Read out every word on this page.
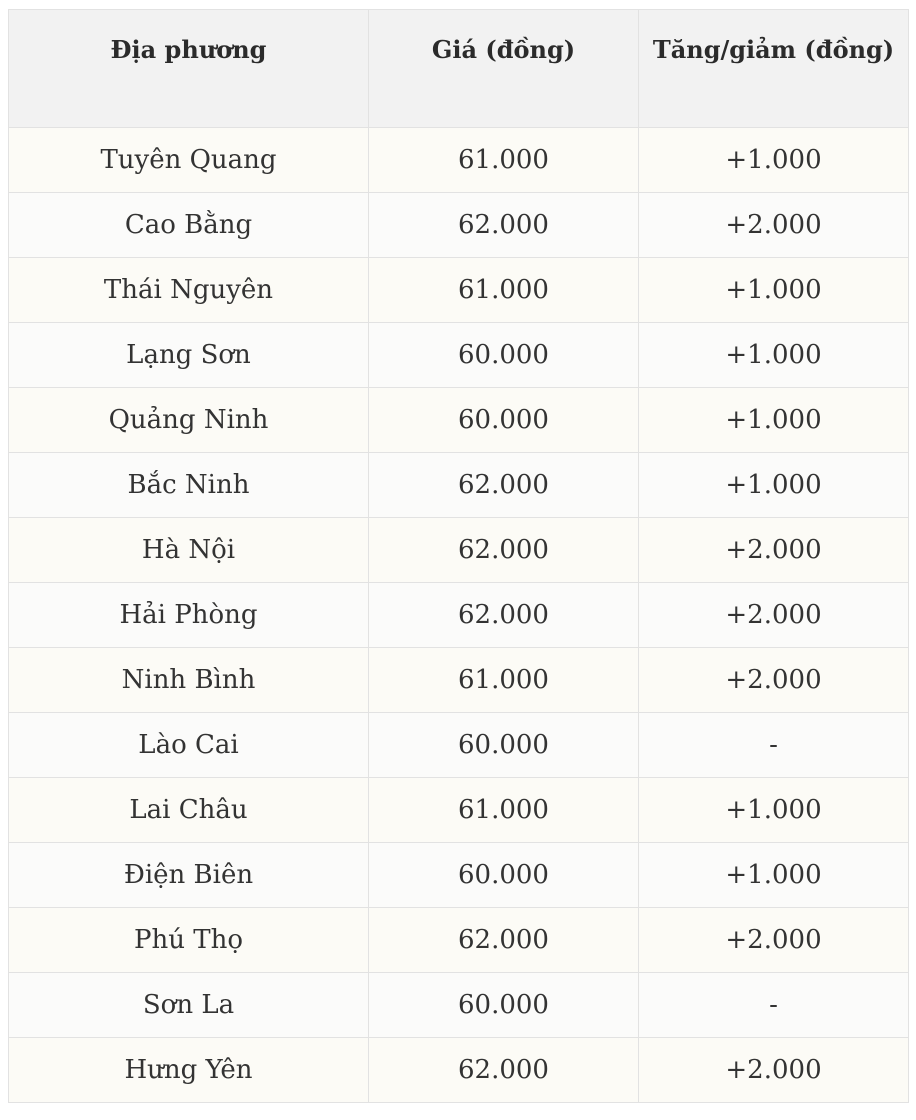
Địa phương	Giá (đồng)	Tăng/giảm (đồng)
Tuyên Quang	61.000	+1.000
Cao Bằng	62.000	+2.000
Thái Nguyên	61.000	+1.000
Lạng Sơn	60.000	+1.000
Quảng Ninh	60.000	+1.000
Bắc Ninh	62.000	+1.000
Hà Nội	62.000	+2.000
Hải Phòng	62.000	+2.000
Ninh Bình	61.000	+2.000
Lào Cai	60.000	-
Lai Châu	61.000	+1.000
Điện Biên	60.000	+1.000
Phú Thọ	62.000	+2.000
Sơn La	60.000	-
Hưng Yên	62.000	+2.000
